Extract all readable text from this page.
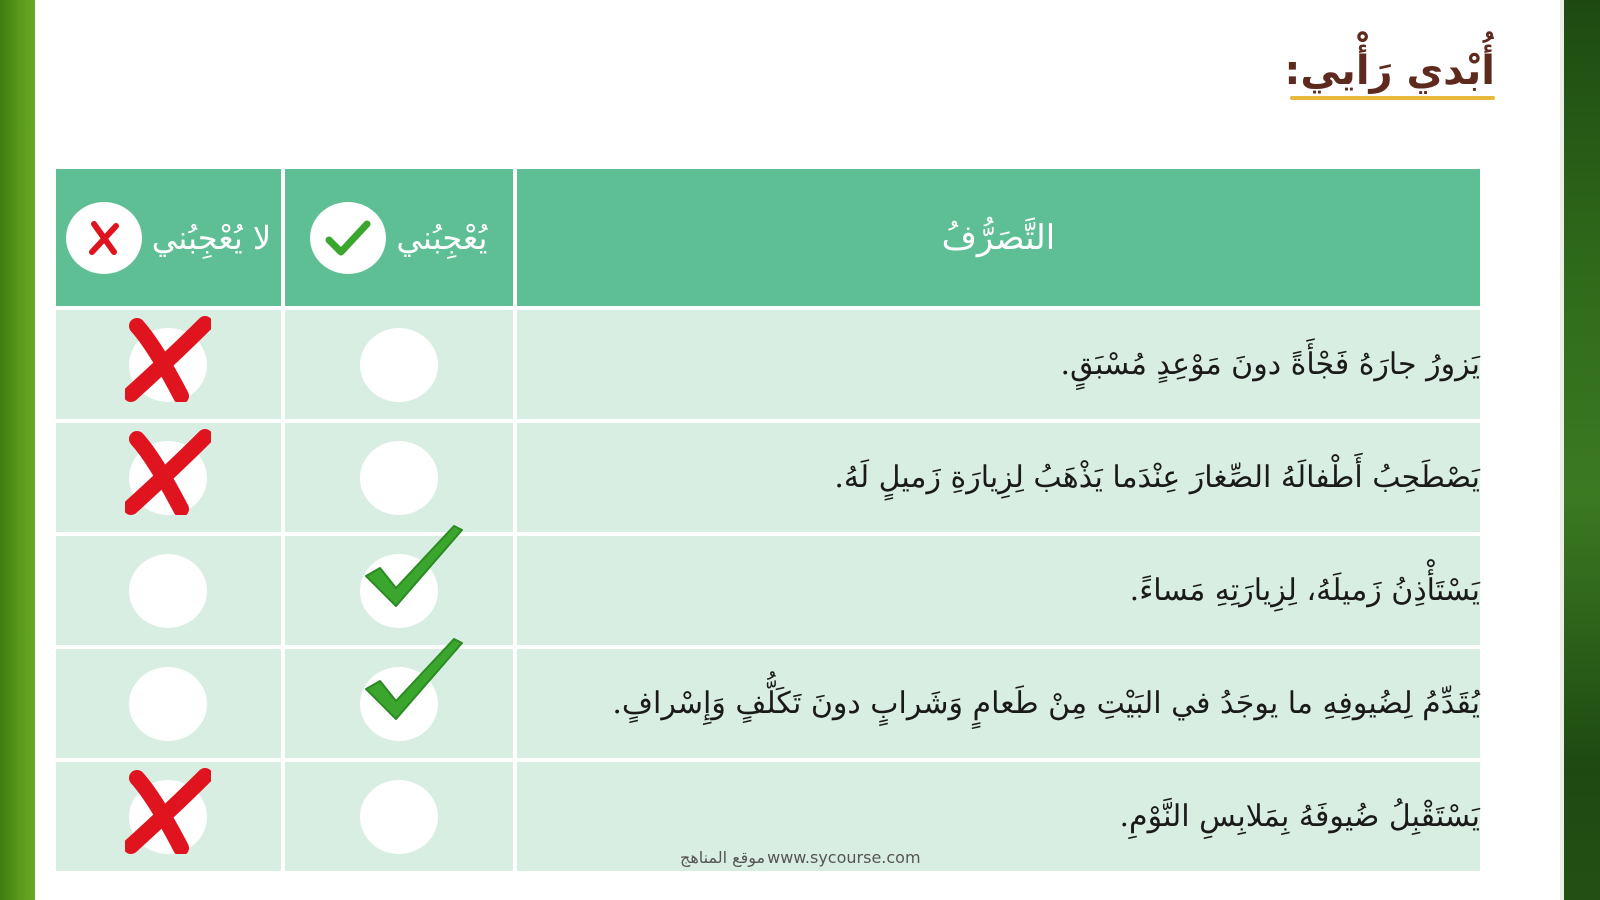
أُبْدي رَأْيي:
التَّصَرُّفُ	يُعْجِبُني	لا يُعْجِبُني

يَزورُ جارَهُ فَجْأَةً دونَ مَوْعِدٍ مُسْبَقٍ.		

يَصْطَحِبُ أَطْفالَهُ الصِّغارَ عِنْدَما يَذْهَبُ لِزِيارَةِ زَميلٍ لَهُ.		

يَسْتَأْذِنُ زَميلَهُ، لِزِيارَتِهِ مَساءً.	

يُقَدِّمُ لِضُيوفِهِ ما يوجَدُ في البَيْتِ مِنْ طَعامٍ وَشَرابٍ دونَ تَكَلُّفٍ وَإِسْرافٍ.	

يَسْتَقْبِلُ ضُيوفَهُ بِمَلابِسِ النَّوْمِ.		
موقع المناهج www.sycourse.com
